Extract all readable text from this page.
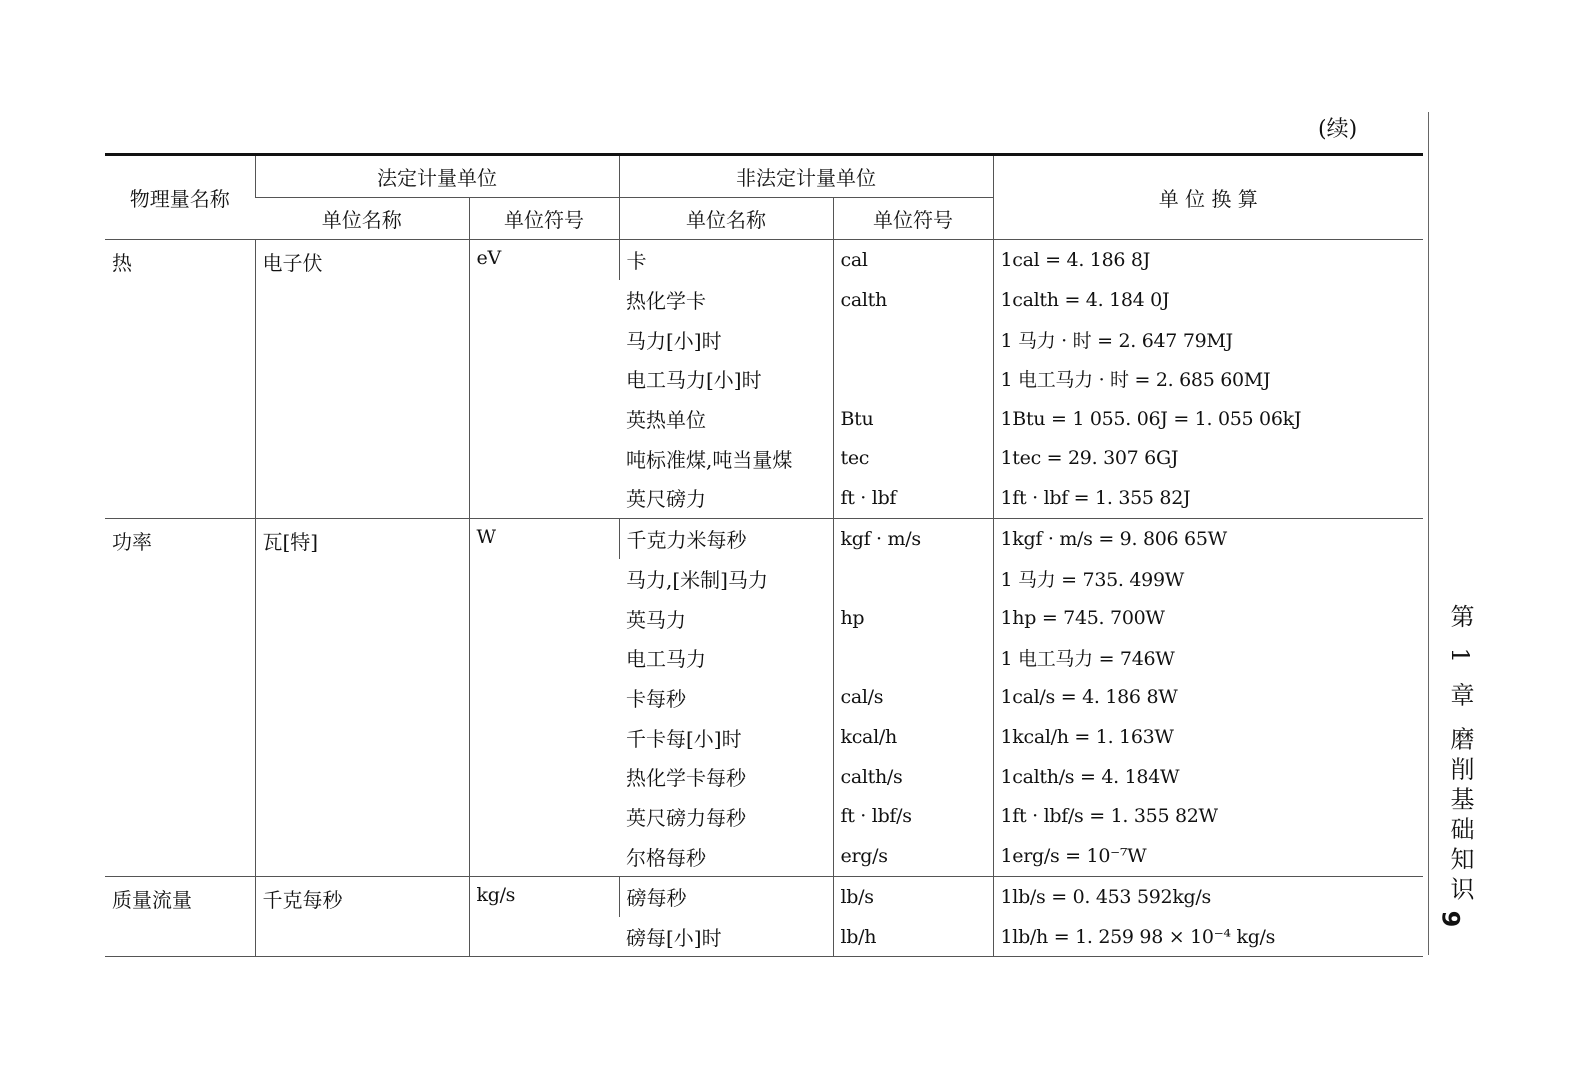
(续)
物理量名称	法定计量单位		非法定计量单位		单 位 换 算
	单位名称	单位符号	单位名称	单位符号	
热	电子伏	eV	卡	cal	1cal = 4. 186 8J
			热化学卡	calth	1calth = 4. 184 0J
			马力[小]时		1 马力 · 时 = 2. 647 79MJ
			电工马力[小]时		1 电工马力 · 时 = 2. 685 60MJ
			英热单位	Btu	1Btu = 1 055. 06J = 1. 055 06kJ
			吨标准煤,吨当量煤	tec	1tec = 29. 307 6GJ
			英尺磅力	ft · lbf	1ft · lbf = 1. 355 82J
功率	瓦[特]	W	千克力米每秒	kgf · m/s	1kgf · m/s = 9. 806 65W
			马力,[米制]马力		1 马力 = 735. 499W
			英马力	hp	1hp = 745. 700W
			电工马力		1 电工马力 = 746W
			卡每秒	cal/s	1cal/s = 4. 186 8W
			千卡每[小]时	kcal/h	1kcal/h = 1. 163W
			热化学卡每秒	calth/s	1calth/s = 4. 184W
			英尺磅力每秒	ft · lbf/s	1ft · lbf/s = 1. 355 82W
			尔格每秒	erg/s	1erg/s = 10⁻⁷W
质量流量	千克每秒	kg/s	磅每秒	lb/s	1lb/s = 0. 453 592kg/s
			磅每[小]时	lb/h	1lb/h = 1. 259 98 × 10⁻⁴ kg/s
第 1 章 磨削基础知识
9
